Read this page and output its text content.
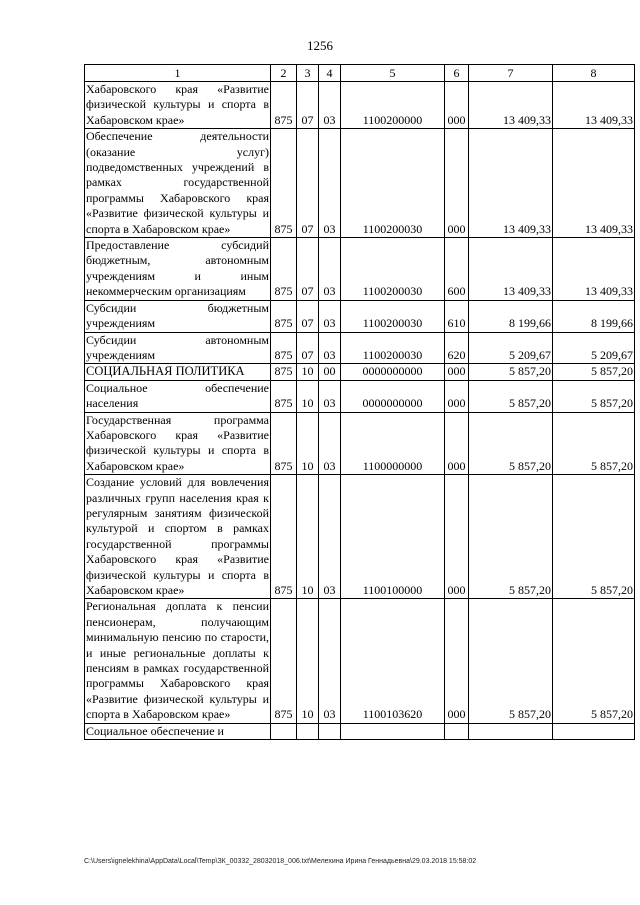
1256
1	2	3	4	5	6	7	8
Хабаровского края «Развитие физической культуры и спорта в Хабаровском крае»	875	07	03	1100200000	000	13 409,33	13 409,33
Обеспечение деятельности (оказание услуг) подведомственных учреждений в рамках государственной программы Хабаровского края «Развитие физической культуры и спорта в Хабаровском крае»	875	07	03	1100200030	000	13 409,33	13 409,33
Предоставление субсидий бюджетным, автономным учреждениям и иным некоммерческим организациям	875	07	03	1100200030	600	13 409,33	13 409,33
Субсидии бюджетным учреждениям	875	07	03	1100200030	610	8 199,66	8 199,66
Субсидии автономным учреждениям	875	07	03	1100200030	620	5 209,67	5 209,67
СОЦИАЛЬНАЯ ПОЛИТИКА	875	10	00	0000000000	000	5 857,20	5 857,20
Социальное обеспечение населения	875	10	03	0000000000	000	5 857,20	5 857,20
Государственная программа Хабаровского края «Развитие физической культуры и спорта в Хабаровском крае»	875	10	03	1100000000	000	5 857,20	5 857,20
Создание условий для вовлечения различных групп населения края к регулярным занятиям физической культурой и спортом в рамках государственной программы Хабаровского края «Развитие физической культуры и спорта в Хабаровском крае»	875	10	03	1100100000	000	5 857,20	5 857,20
Региональная доплата к пенсии пенсионерам, получающим минимальную пенсию по старости, и иные региональные доплаты к пенсиям в рамках государственной программы Хабаровского края «Развитие физической культуры и спорта в Хабаровском крае»	875	10	03	1100103620	000	5 857,20	5 857,20
Социальное обеспечение и							
C:\Users\ignelekhina\AppData\Local\Temp\ЗК_00332_28032018_006.txt\Мелехина Ирина Геннадьевна\29.03.2018 15:58:02
